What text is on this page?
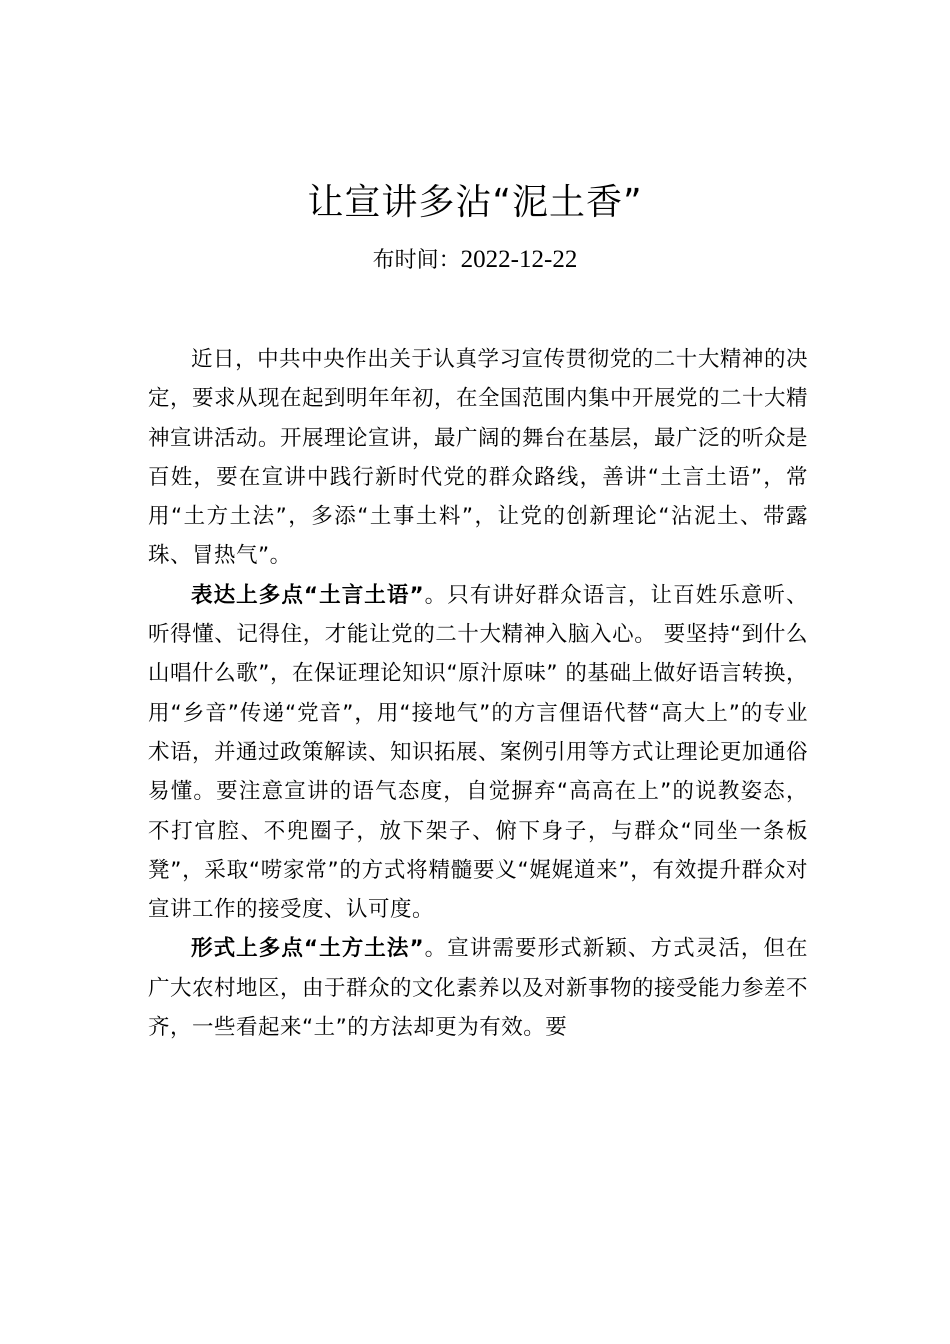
让宣讲多沾“泥土香”
布时间：2022-12-22

近日，中共中央作出关于认真学习宣传贯彻党的二十大精神的决定，要求从现在起到明年年初，在全国范围内集中开展党的二十大精神宣讲活动。开展理论宣讲，最广阔的舞台在基层，最广泛的听众是百姓，要在宣讲中践行新时代党的群众路线，善讲“土言土语”，常用“土方土法”，多添“土事土料”，让党的创新理论“沾泥土、带露珠、冒热气”。

表达上多点“土言土语”。只有讲好群众语言，让百姓乐意听、听得懂、记得住，才能让党的二十大精神入脑入心。 要坚持“到什么山唱什么歌”，在保证理论知识“原汁原味” 的基础上做好语言转换，用“乡音”传递“党音”，用“接地气”的方言俚语代替“高大上”的专业术语，并通过政策解读、知识拓展、案例引用等方式让理论更加通俗易懂。要注意宣讲的语气态度，自觉摒弃“高高在上”的说教姿态，不打官腔、不兜圈子，放下架子、俯下身子，与群众“同坐一条板凳”，采取“唠家常”的方式将精髓要义“娓娓道来”，有效提升群众对宣讲工作的接受度、认可度。

形式上多点“土方土法”。宣讲需要形式新颖、方式灵活，但在广大农村地区，由于群众的文化素养以及对新事物的接受能力参差不齐，一些看起来“土”的方法却更为有效。要
